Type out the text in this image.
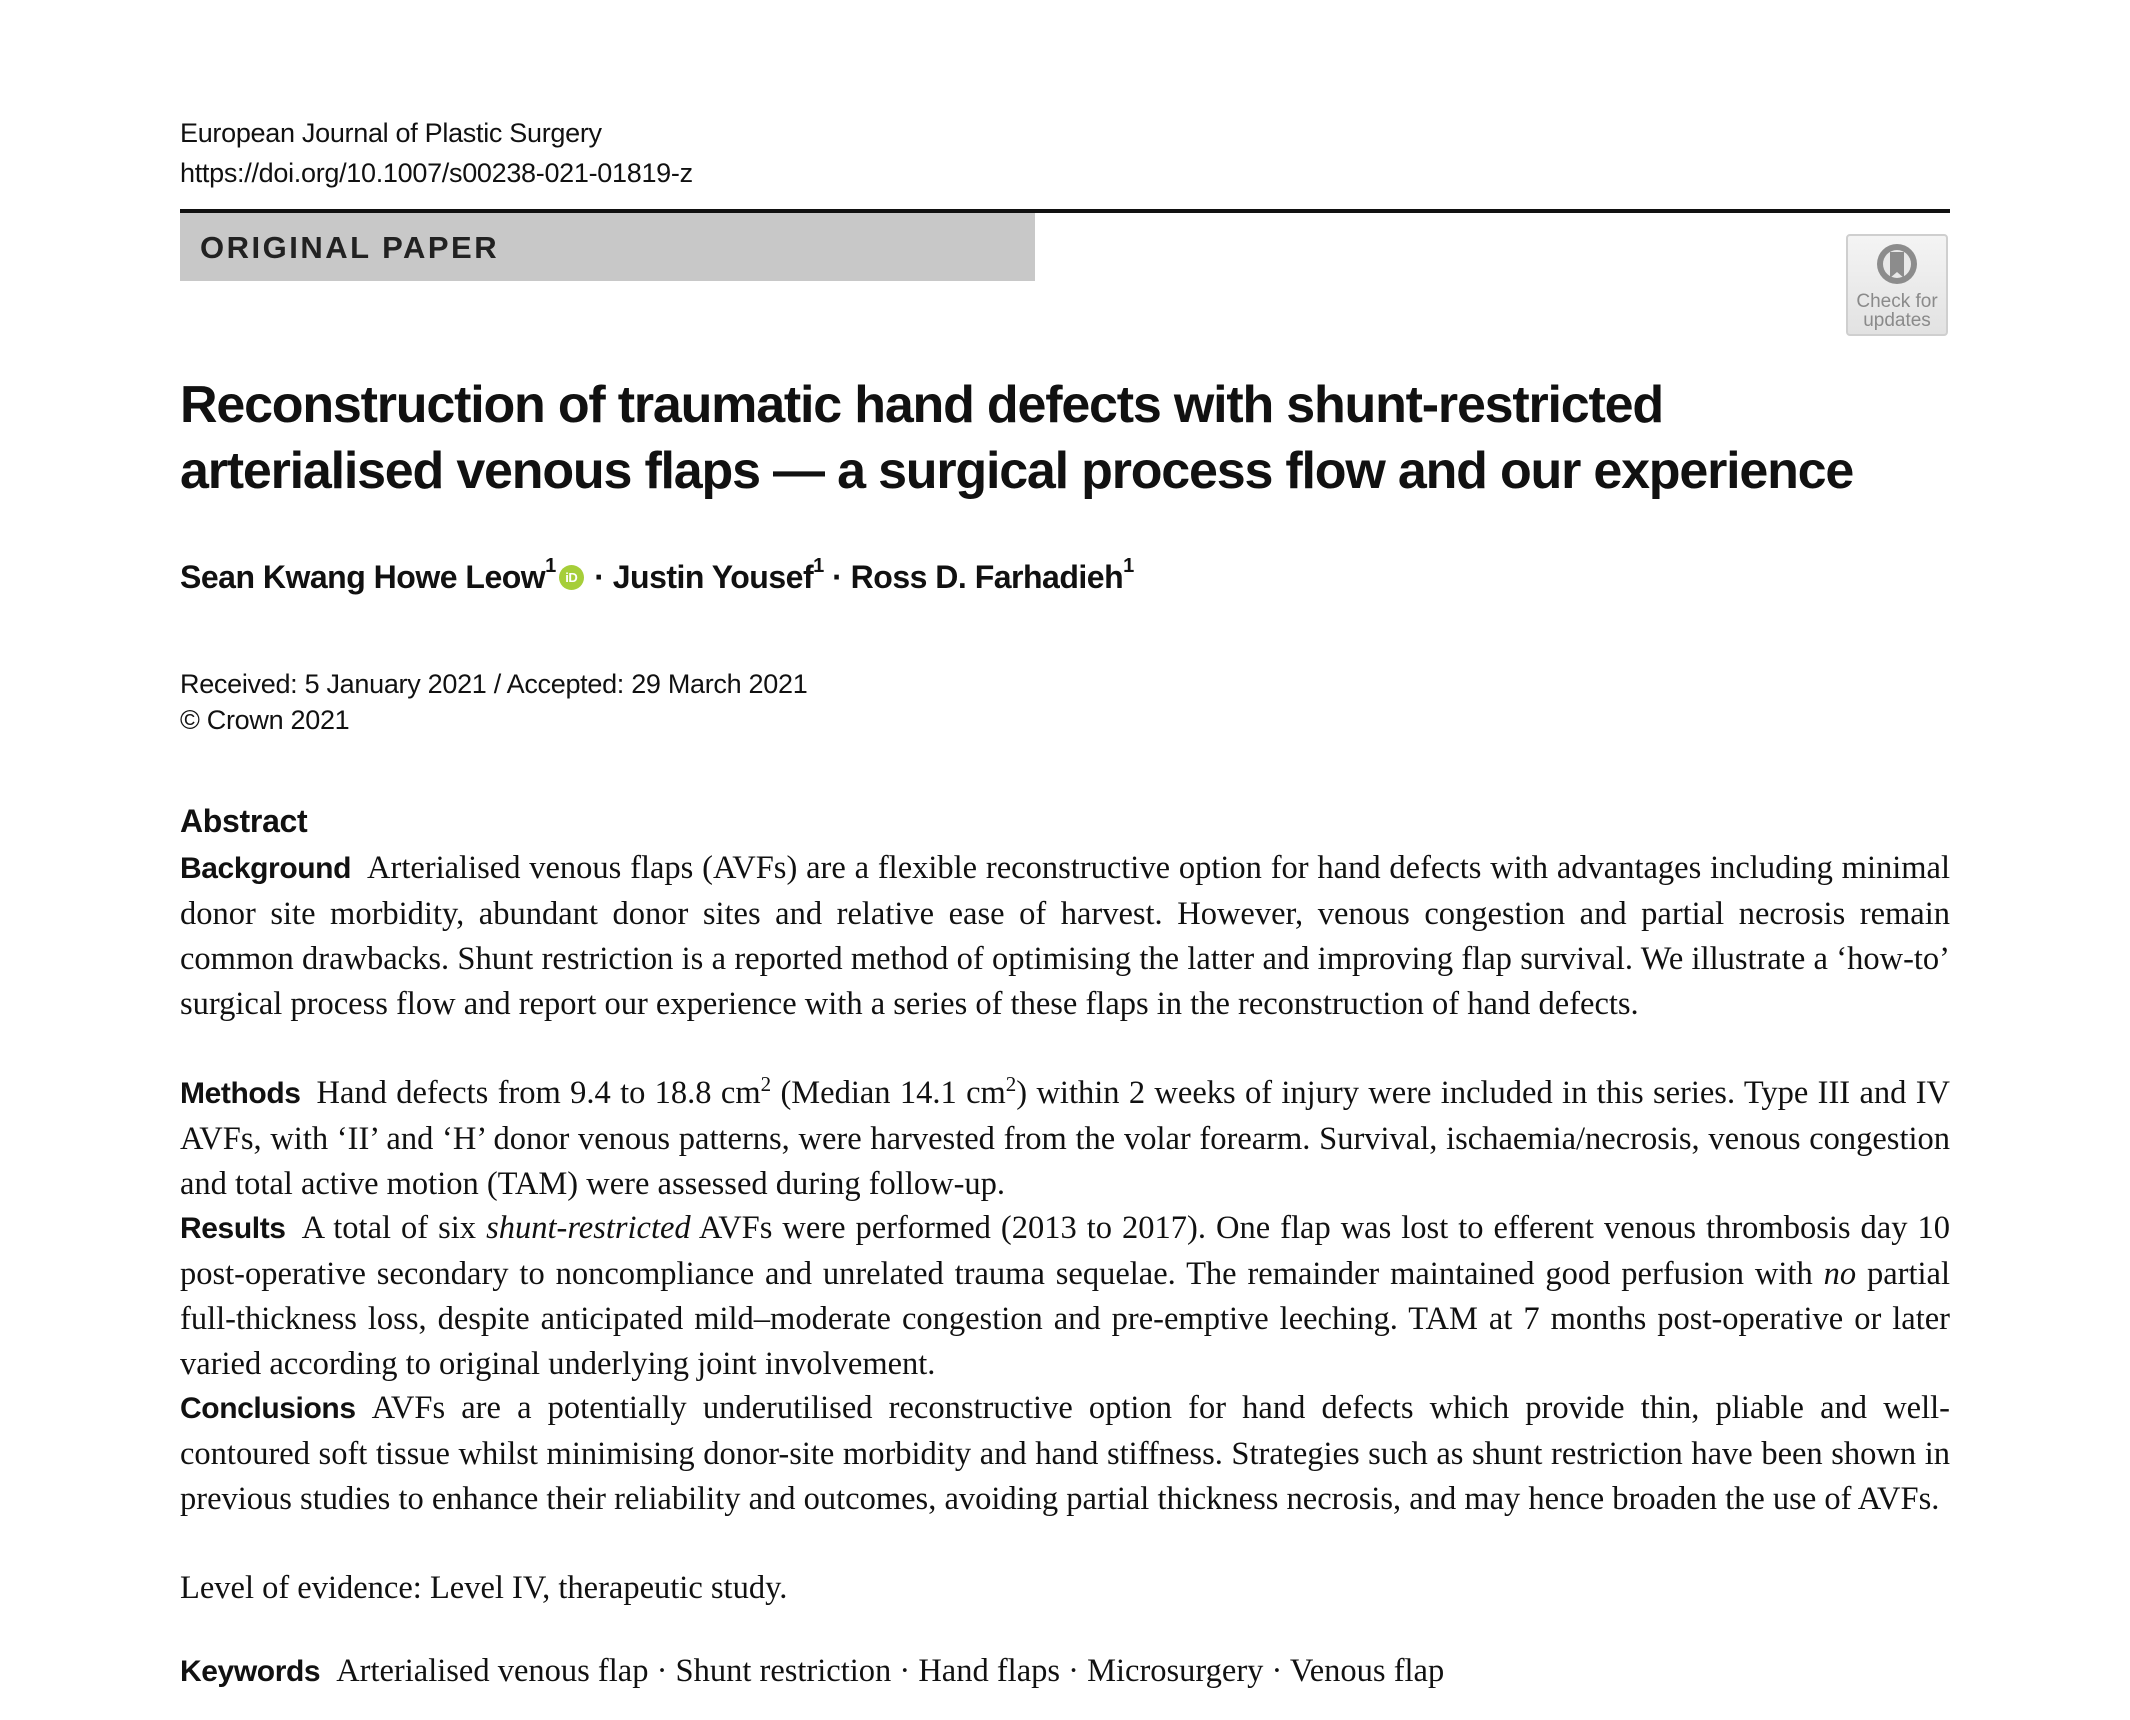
European Journal of Plastic Surgery
https://doi.org/10.1007/s00238-021-01819-z
ORIGINAL PAPER
Check for
updates
Reconstruction of traumatic hand defects with shunt-restricted
arterialised venous flaps — a surgical process flow and our experience
Sean Kwang Howe Leow$^1$iD · Justin Yousef$^1$ · Ross D. Farhadieh$^1$
Received: 5 January 2021 / Accepted: 29 March 2021
© Crown 2021
Abstract
Background Arterialised venous flaps (AVFs) are a flexible reconstructive option for hand defects with advantages including minimal donor site morbidity, abundant donor sites and relative ease of harvest. However, venous congestion and partial necrosis remain common drawbacks. Shunt restriction is a reported method of optimising the latter and improving flap survival. We illustrate a ‘how-to’ surgical process flow and report our experience with a series of these flaps in the reconstruction of hand defects.
Methods Hand defects from 9.4 to 18.8 $cm^2$ (Median 14.1 $cm^2$) within 2 weeks of injury were included in this series. Type III and IV AVFs, with ‘II’ and ‘H’ donor venous patterns, were harvested from the volar forearm. Survival, ischaemia/necrosis, venous congestion and total active motion (TAM) were assessed during follow-up.
Results A total of six shunt-restricted AVFs were performed (2013 to 2017). One flap was lost to efferent venous thrombosis day 10 post-operative secondary to noncompliance and unrelated trauma sequelae. The remainder maintained good perfusion with no partial full-thickness loss, despite anticipated mild–moderate congestion and pre-emptive leeching. TAM at 7 months post-operative or later varied according to original underlying joint involvement.
Conclusions AVFs are a potentially underutilised reconstructive option for hand defects which provide thin, pliable and well-contoured soft tissue whilst minimising donor-site morbidity and hand stiffness. Strategies such as shunt restriction have been shown in previous studies to enhance their reliability and outcomes, avoiding partial thickness necrosis, and may hence broaden the use of AVFs.
Level of evidence: Level IV, therapeutic study.
Keywords Arterialised venous flap · Shunt restriction · Hand flaps · Microsurgery · Venous flap
